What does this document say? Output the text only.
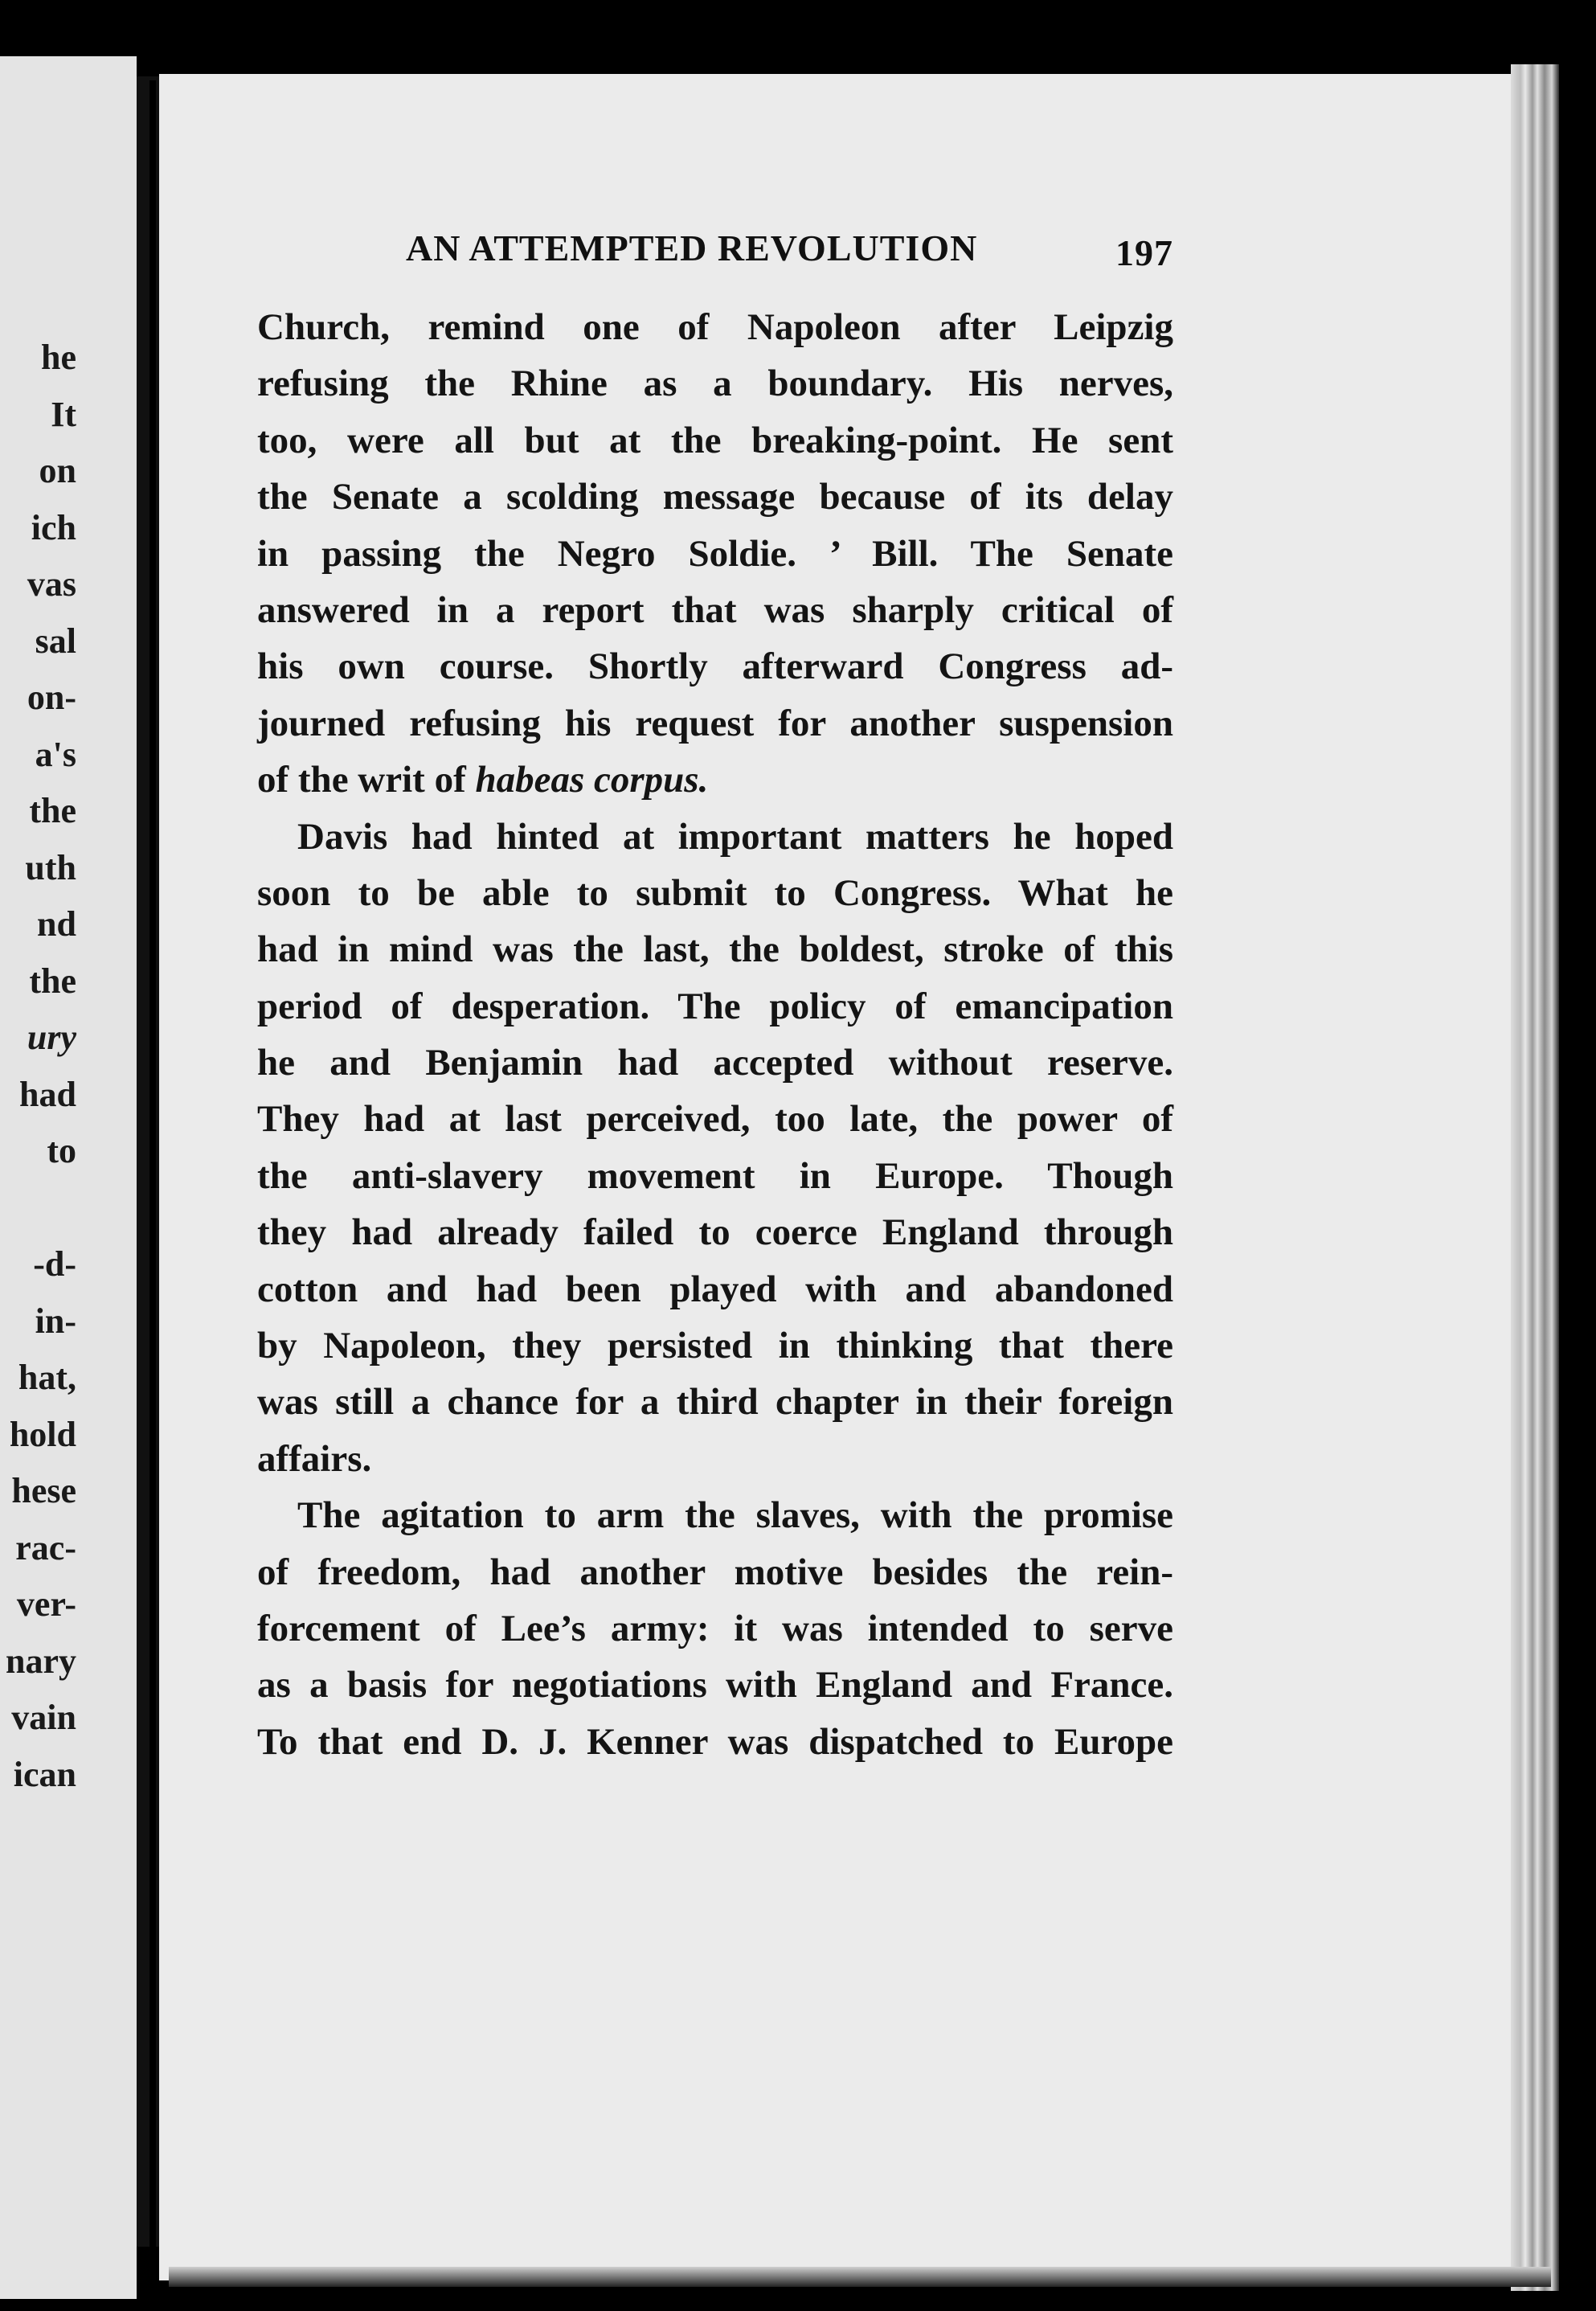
he
It
on
ich
vas
sal
on-
a's
the
uth
nd
the
ury
had
to
-d-
in-
hat,
hold
hese
rac-
ver-
nary
vain
ican
AN ATTEMPTED REVOLUTION	197
Church, remind one of Napoleon after Leipzig
refusing the Rhine as a boundary. His nerves,
too, were all but at the breaking-point. He sent
the Senate a scolding message because of its delay
in passing the Negro Soldie. ’ Bill. The Senate
answered in a report that was sharply critical of
his own course. Shortly afterward Congress ad-
journed refusing his request for another suspension
of the writ of habeas corpus.
Davis had hinted at important matters he hoped
soon to be able to submit to Congress. What he
had in mind was the last, the boldest, stroke of this
period of desperation. The policy of emancipation
he and Benjamin had accepted without reserve.
They had at last perceived, too late, the power of
the anti-slavery movement in Europe. Though
they had already failed to coerce England through
cotton and had been played with and abandoned
by Napoleon, they persisted in thinking that there
was still a chance for a third chapter in their foreign
affairs.
The agitation to arm the slaves, with the promise
of freedom, had another motive besides the rein-
forcement of Lee’s army: it was intended to serve
as a basis for negotiations with England and France.
To that end D. J. Kenner was dispatched to Europe
